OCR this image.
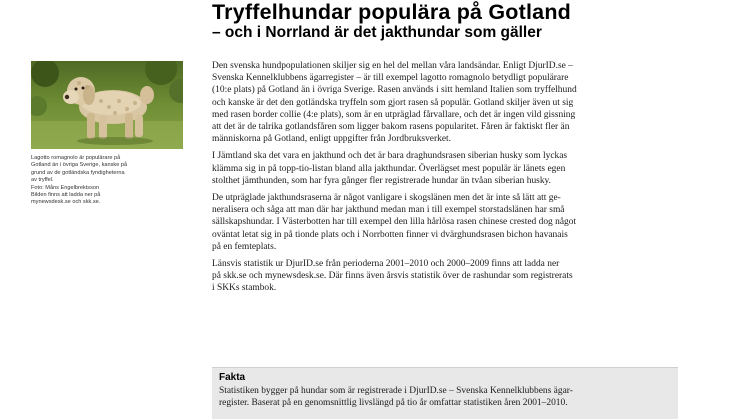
Tryffelhundar populära på Gotland
– och i Norrland är det jakthundar som gäller
Lagotto romagnolo är populärare på
Gotland än i övriga Sverige, kanske på
grund av de gotländska fyndigheterna
av tryffel.
Foto: Måns Engelbrektsson
Bilden finns att ladda ner på
mynewsdesk.se och skk.se.

Den svenska hundpopulationen skiljer sig en hel del mellan våra landsändar. Enligt DjurID.se –
Svenska Kennelklubbens ägarregister – är till exempel lagotto romagnolo betydligt populärare
(10:e plats) på Gotland än i övriga Sverige. Rasen används i sitt hemland Italien som tryffelhund
och kanske är det den gotländska tryffeln som gjort rasen så populär. Gotland skiljer även ut sig
med rasen border collie (4:e plats), som är en utpräglad fårvallare, och det är ingen vild gissning
att det är de talrika gotlandsfåren som ligger bakom rasens popularitet. Fåren är faktiskt fler än
människorna på Gotland, enligt uppgifter från Jordbruksverket.

I Jämtland ska det vara en jakthund och det är bara draghundsrasen siberian husky som lyckas
klämma sig in på topp-tio-listan bland alla jakthundar. Överlägset mest populär är länets egen
stolthet jämthunden, som har fyra gånger fler registrerade hundar än tvåan siberian husky.

De utpräglade jakthundsraserna är något vanligare i skogslänen men det är inte så lätt att ge-
neralisera och såga att man där har jakthund medan man i till exempel storstadslänen har små
sällskapshundar. I Västerbotten har till exempel den lilla hårlösa rasen chinese crested dog något
oväntat letat sig in på tionde plats och i Norrbotten finner vi dvärghundsrasen bichon havanais
på en femteplats.

Länsvis statistik ur DjurID.se från perioderna 2001–2010 och 2000–2009 finns att ladda ner
på skk.se och mynewsdesk.se. Där finns även årsvis statistik över de rashundar som registrerats
i SKKs stambok.

Fakta
Statistiken bygger på hundar som är registrerade i DjurID.se – Svenska Kennelklubbens ägar-
register. Baserat på en genomsnittlig livslängd på tio år omfattar statistiken åren 2001–2010.
